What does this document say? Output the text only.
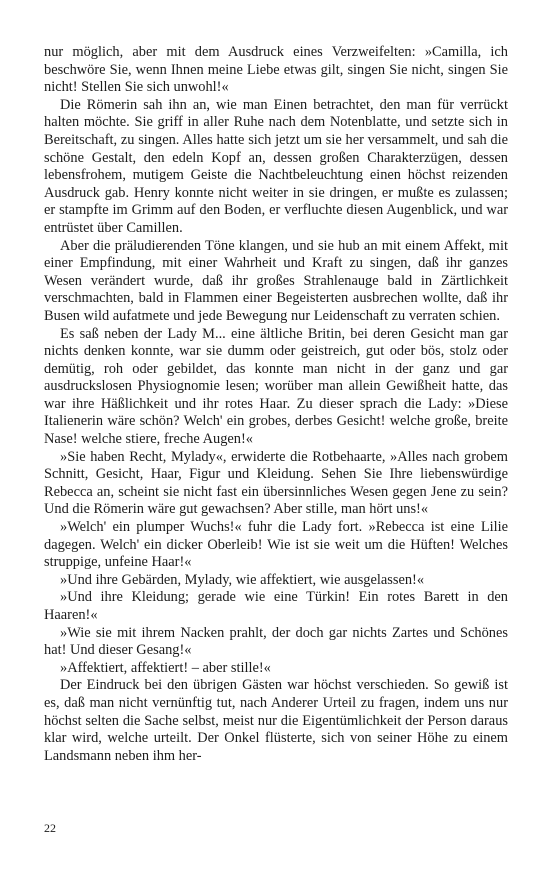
nur möglich, aber mit dem Ausdruck eines Verzweifelten: »Camilla, ich beschwöre Sie, wenn Ihnen meine Liebe etwas gilt, singen Sie nicht, singen Sie nicht! Stellen Sie sich unwohl!«

Die Römerin sah ihn an, wie man Einen betrachtet, den man für verrückt halten möchte. Sie griff in aller Ruhe nach dem Notenblatte, und setzte sich in Bereitschaft, zu singen. Alles hatte sich jetzt um sie her versammelt, und sah die schöne Gestalt, den edeln Kopf an, dessen großen Charakterzügen, dessen lebensfrohem, mutigem Geiste die Nachtbeleuchtung einen höchst reizenden Ausdruck gab. Henry konnte nicht weiter in sie dringen, er mußte es zulassen; er stampfte im Grimm auf den Boden, er verfluchte diesen Augenblick, und war entrüstet über Camillen.

Aber die präludierenden Töne klangen, und sie hub an mit einem Affekt, mit einer Empfindung, mit einer Wahrheit und Kraft zu singen, daß ihr ganzes Wesen verändert wurde, daß ihr großes Strahlenauge bald in Zärtlichkeit verschmachten, bald in Flammen einer Begeisterten ausbrechen wollte, daß ihr Busen wild aufatmete und jede Bewegung nur Leidenschaft zu verraten schien.

Es saß neben der Lady M... eine ältliche Britin, bei deren Gesicht man gar nichts denken konnte, war sie dumm oder geistreich, gut oder bös, stolz oder demütig, roh oder gebildet, das konnte man nicht in der ganz und gar ausdruckslosen Physiognomie lesen; worüber man allein Gewißheit hatte, das war ihre Häßlichkeit und ihr rotes Haar. Zu dieser sprach die Lady: »Diese Italienerin wäre schön? Welch' ein grobes, derbes Gesicht! welche große, breite Nase! welche stiere, freche Augen!«

»Sie haben Recht, Mylady«, erwiderte die Rotbehaarte, »Alles nach grobem Schnitt, Gesicht, Haar, Figur und Kleidung. Sehen Sie Ihre liebenswürdige Rebecca an, scheint sie nicht fast ein übersinnliches Wesen gegen Jene zu sein? Und die Römerin wäre gut gewachsen? Aber stille, man hört uns!«

»Welch' ein plumper Wuchs!« fuhr die Lady fort. »Rebecca ist eine Lilie dagegen. Welch' ein dicker Oberleib! Wie ist sie weit um die Hüften! Welches struppige, unfeine Haar!«

»Und ihre Gebärden, Mylady, wie affektiert, wie ausgelassen!«

»Und ihre Kleidung; gerade wie eine Türkin! Ein rotes Barett in den Haaren!«

»Wie sie mit ihrem Nacken prahlt, der doch gar nichts Zartes und Schönes hat! Und dieser Gesang!«

»Affektiert, affektiert! – aber stille!«

Der Eindruck bei den übrigen Gästen war höchst verschieden. So gewiß ist es, daß man nicht vernünftig tut, nach Anderer Urteil zu fragen, indem uns nur höchst selten die Sache selbst, meist nur die Eigentümlichkeit der Person daraus klar wird, welche urteilt. Der Onkel flüsterte, sich von seiner Höhe zu einem Landsmann neben ihm her-

22
